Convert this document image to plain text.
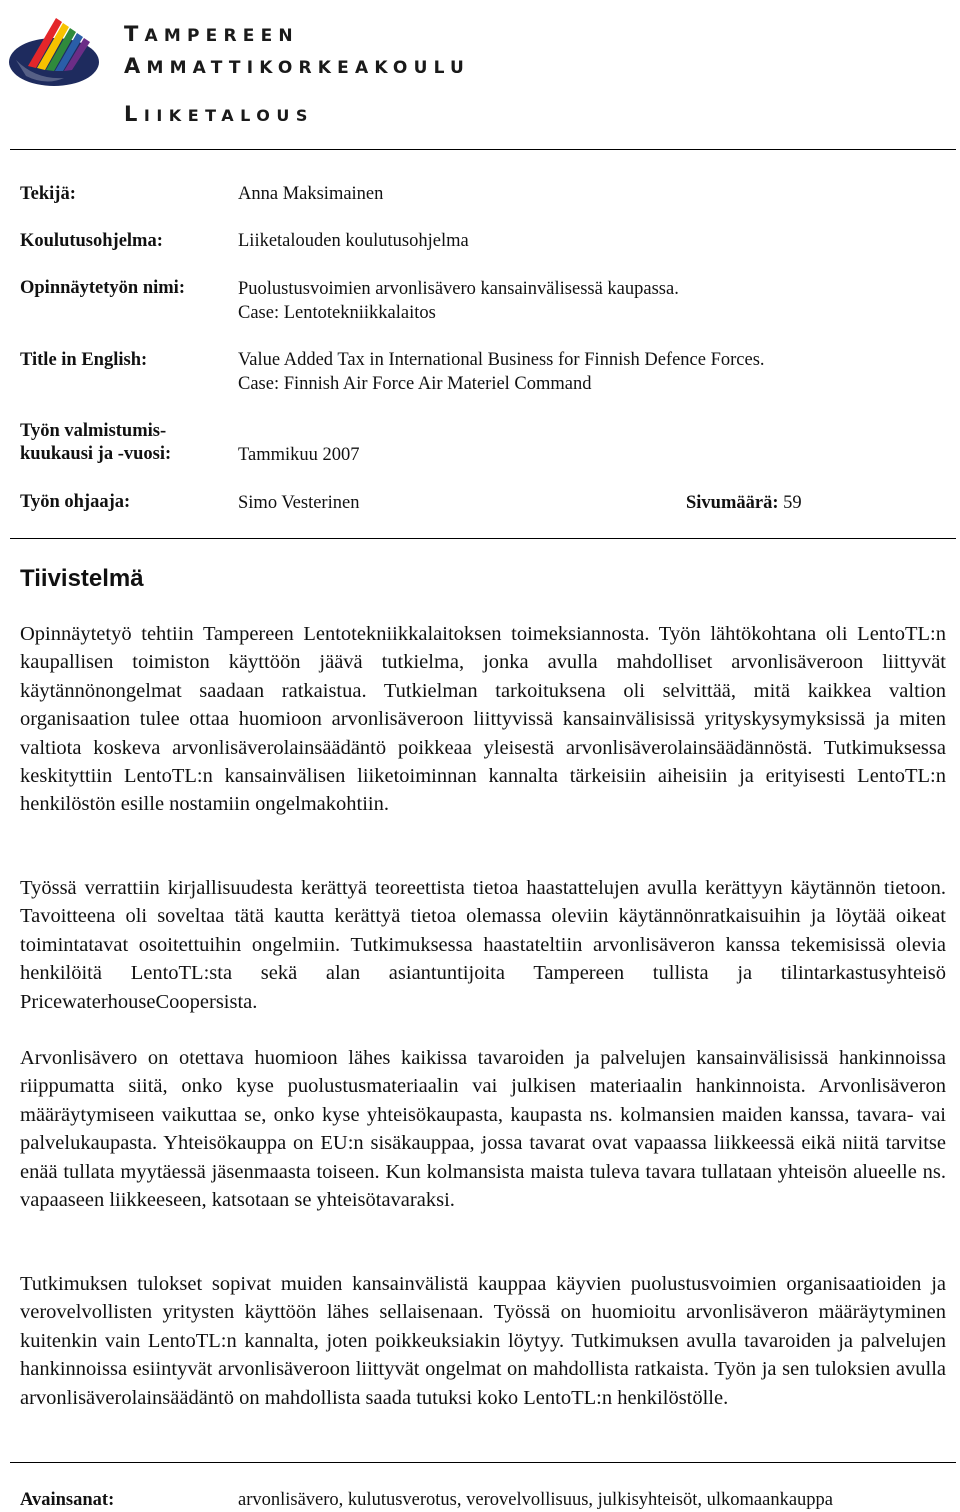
TAMPEREEN
AMMATTIKORKEAKOULU
LIIKETALOUS
Tekijä:	Anna Maksimainen
Koulutusohjelma:	Liiketalouden koulutusohjelma
Opinnäytetyön nimi:	Puolustusvoimien arvonlisävero kansainvälisessä kaupassa.
Case: Lentotekniikkalaitos
Title in English:	Value Added Tax in International Business for Finnish Defence Forces.
Case: Finnish Air Force Air Materiel Command
Työn valmistumis-
kuukausi ja -vuosi:	Tammikuu 2007
Työn ohjaaja:	Simo Vesterinen	Sivumäärä: 59
Tiivistelmä

Opinnäytetyö tehtiin Tampereen Lentotekniikkalaitoksen toimeksiannosta. Työn lähtökohtana oli LentoTL:n kaupallisen toimiston käyttöön jäävä tutkielma, jonka avulla mahdolliset arvonlisäveroon liittyvät käytännönongelmat saadaan ratkaistua. Tutkielman tarkoituksena oli selvittää, mitä kaikkea valtion organisaation tulee ottaa huomioon arvonlisäveroon liittyvissä kansainvälisissä yrityskysymyksissä ja miten valtiota koskeva arvonlisäverolainsäädäntö poikkeaa yleisestä arvonlisäverolainsäädännöstä. Tutkimuksessa keskityttiin LentoTL:n kansainvälisen liiketoiminnan kannalta tärkeisiin aiheisiin ja erityisesti LentoTL:n henkilöstön esille nostamiin ongelmakohtiin.

Työssä verrattiin kirjallisuudesta kerättyä teoreettista tietoa haastattelujen avulla kerättyyn käytännön tietoon. Tavoitteena oli soveltaa tätä kautta kerättyä tietoa olemassa oleviin käytännönratkaisuihin ja löytää oikeat toimintatavat osoitettuihin ongelmiin. Tutkimuksessa haastateltiin arvonlisäveron kanssa tekemisissä olevia henkilöitä LentoTL:sta sekä alan asiantuntijoita Tampereen tullista ja tilintarkastusyhteisö PricewaterhouseCoopersista.

Arvonlisävero on otettava huomioon lähes kaikissa tavaroiden ja palvelujen kansainvälisissä hankinnoissa riippumatta siitä, onko kyse puolustusmateriaalin vai julkisen materiaalin hankinnoista. Arvonlisäveron määräytymiseen vaikuttaa se, onko kyse yhteisökaupasta, kaupasta ns. kolmansien maiden kanssa, tavara- vai palvelukaupasta. Yhteisökauppa on EU:n sisäkauppaa, jossa tavarat ovat vapaassa liikkeessä eikä niitä tarvitse enää tullata myytäessä jäsenmaasta toiseen. Kun kolmansista maista tuleva tavara tullataan yhteisön alueelle ns. vapaaseen liikkeeseen, katsotaan se yhteisötavaraksi.

Tutkimuksen tulokset sopivat muiden kansainvälistä kauppaa käyvien puolustusvoimien organisaatioiden ja verovelvollisten yritysten käyttöön lähes sellaisenaan. Työssä on huomioitu arvonlisäveron määräytyminen kuitenkin vain LentoTL:n kannalta, joten poikkeuksiakin löytyy. Tutkimuksen avulla tavaroiden ja palvelujen hankinnoissa esiintyvät arvonlisäveroon liittyvät ongelmat on mahdollista ratkaista. Työn ja sen tuloksien avulla arvonlisäverolainsäädäntö on mahdollista saada tutuksi koko LentoTL:n henkilöstölle.

Avainsanat:	arvonlisävero, kulutusverotus, verovelvollisuus, julkisyhteisöt, ulkomaankauppa
